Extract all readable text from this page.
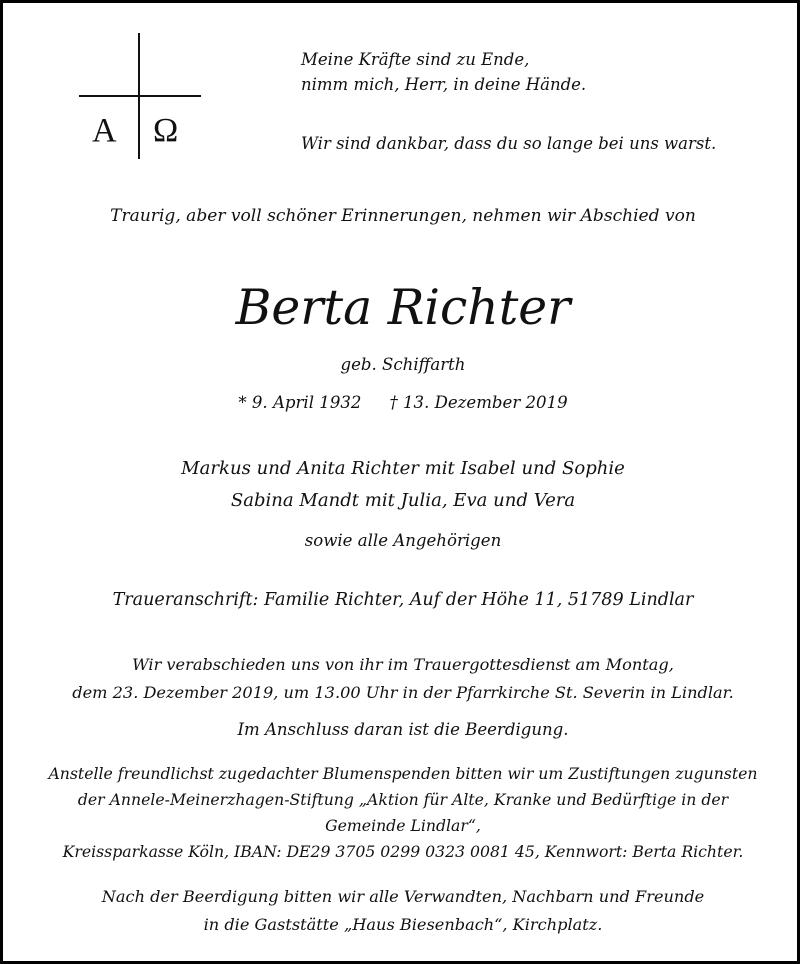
Α Ω
Meine Kräfte sind zu Ende,
nimm mich, Herr, in deine Hände.
Wir sind dankbar, dass du so lange bei uns warst.
Traurig, aber voll schöner Erinnerungen, nehmen wir Abschied von
Berta Richter
geb. Schiffarth
* 9. April 1932 † 13. Dezember 2019
Markus und Anita Richter mit Isabel und Sophie
Sabina Mandt mit Julia, Eva und Vera
sowie alle Angehörigen
Traueranschrift: Familie Richter, Auf der Höhe 11, 51789 Lindlar
Wir verabschieden uns von ihr im Trauergottesdienst am Montag,
dem 23. Dezember 2019, um 13.00 Uhr in der Pfarrkirche St. Severin in Lindlar.
Im Anschluss daran ist die Beerdigung.
Anstelle freundlichst zugedachter Blumenspenden bitten wir um Zustiftungen zugunsten
der Annele-Meinerzhagen-Stiftung „Aktion für Alte, Kranke und Bedürftige in der
Gemeinde Lindlar“,
Kreissparkasse Köln, IBAN: DE29 3705 0299 0323 0081 45, Kennwort: Berta Richter.
Nach der Beerdigung bitten wir alle Verwandten, Nachbarn und Freunde
in die Gaststätte „Haus Biesenbach“, Kirchplatz.
